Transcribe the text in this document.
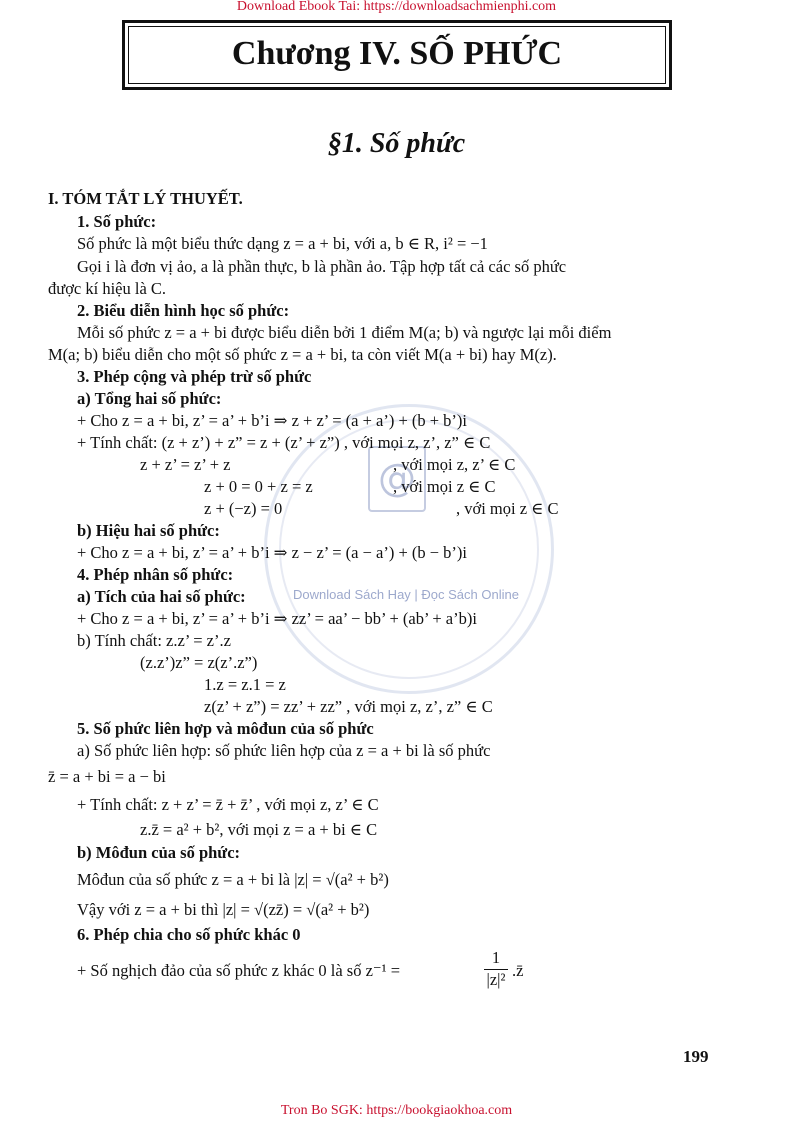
Download Ebook Tai: https://downloadsachmienphi.com
Chương IV. SỐ PHỨC
§1. Số phức
@
Download Sách Hay | Đọc Sách Online
I. TÓM TẮT LÝ THUYẾT.
1. Số phức:
Số phức là một biểu thức dạng z = a + bi, với a, b ∈ R, i² = −1
Gọi i là đơn vị ảo, a là phần thực, b là phần ảo. Tập hợp tất cả các số phức
được kí hiệu là C.
2. Biểu diễn hình học số phức:
Mỗi số phức z = a + bi được biểu diễn bởi 1 điểm M(a; b) và ngược lại mỗi điểm
M(a; b) biểu diễn cho một số phức z = a + bi, ta còn viết M(a + bi) hay M(z).
3. Phép cộng và phép trừ số phức
a) Tổng hai số phức:
+ Cho z = a + bi, z’ = a’ + b’i ⇒ z + z’ = (a + a’) + (b + b’)i
+ Tính chất: (z + z’) + z” = z + (z’ + z”) , với mọi z, z’, z” ∈ C
z + z’ = z’ + z	, với mọi z, z’ ∈ C
z + 0 = 0 + z = z	, với mọi z ∈ C
z + (−z) = 0	, với mọi z ∈ C
b) Hiệu hai số phức:
+ Cho z = a + bi, z’ = a’ + b’i ⇒ z − z’ = (a − a’) + (b − b’)i
4. Phép nhân số phức:
a) Tích của hai số phức:
+ Cho z = a + bi, z’ = a’ + b’i ⇒ zz’ = aa’ − bb’ + (ab’ + a’b)i
b) Tính chất: z.z’ = z’.z
(z.z’)z” = z(z’.z”)
1.z = z.1 = z
z(z’ + z”) = zz’ + zz” , với mọi z, z’, z” ∈ C
5. Số phức liên hợp và môđun của số phức
a) Số phức liên hợp: số phức liên hợp của z = a + bi là số phức
z̄ = a + bi = a − bi
+ Tính chất: z + z’ = z̄ + z̄’ , với mọi z, z’ ∈ C
z.z̄ = a² + b², với mọi z = a + bi ∈ C
b) Môđun của số phức:
Môđun của số phức z = a + bi là |z| = √(a² + b²)
Vậy với z = a + bi thì |z| = √(zz̄) = √(a² + b²)
6. Phép chia cho số phức khác 0
+ Số nghịch đảo của số phức z khác 0 là số z⁻¹ =	$\frac{1}{\text{|z|²}}$ .z̄
199
Tron Bo SGK: https://bookgiaokhoa.com
